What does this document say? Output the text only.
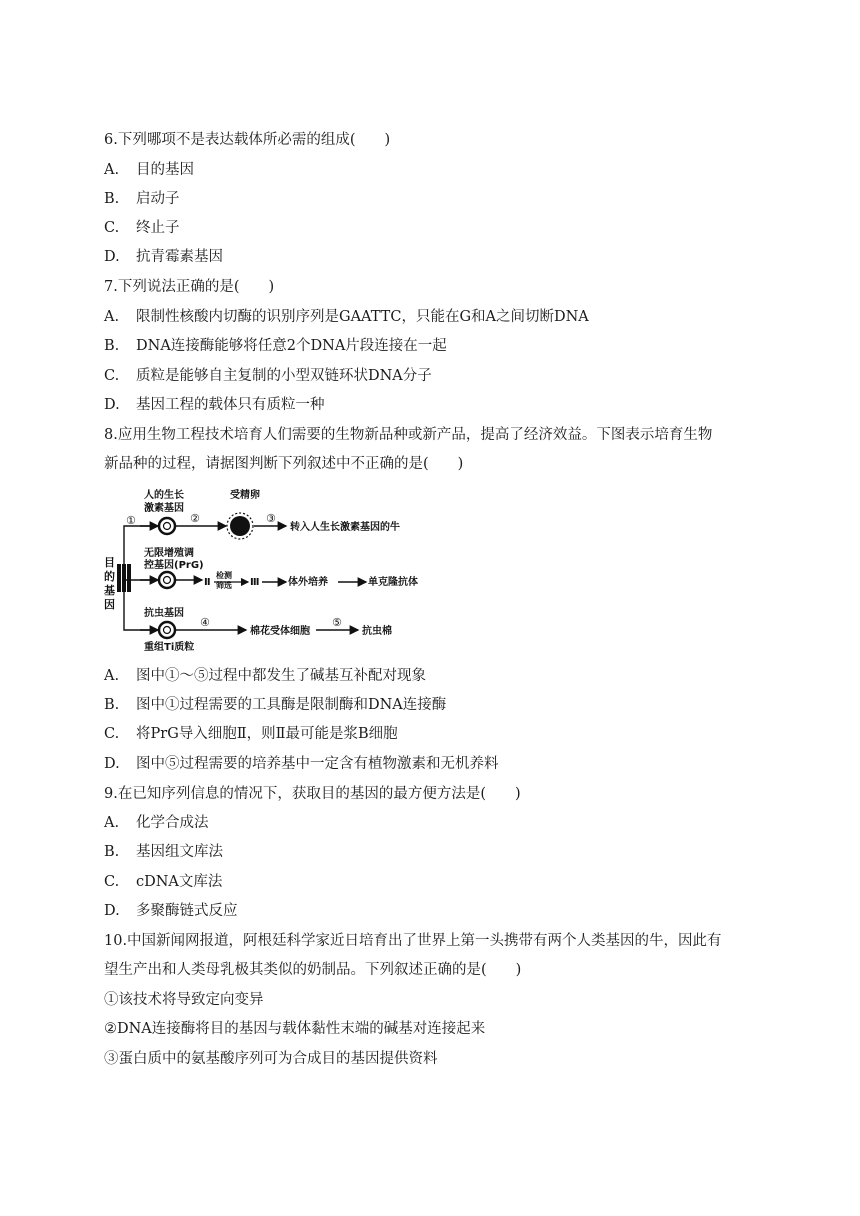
6.下列哪项不是表达载体所必需的组成(　　)
A. 目的基因
B. 启动子
C. 终止子
D. 抗青霉素基因
7.下列说法正确的是(　　)
A. 限制性核酸内切酶的识别序列是GAATTC，只能在G和A之间切断DNA
B. DNA连接酶能够将任意2个DNA片段连接在一起
C. 质粒是能够自主复制的小型双链环状DNA分子
D. 基因工程的载体只有质粒一种
8.应用生物工程技术培育人们需要的生物新品种或新产品，提高了经济效益。下图表示培育生物
新品种的过程，请据图判断下列叙述中不正确的是(　　)
目
的
基
因
人的生长
激素基因
受精卵
转入人生长激素基因的牛
①	②	③
无限增殖调
控基因(PrG)
Ⅱ
检测
筛选 Ⅲ	体外培养	单克隆抗体
抗虫基因
重组Ti质粒
棉花受体细胞	抗虫棉
④	⑤
A. 图中①～⑤过程中都发生了碱基互补配对现象
B. 图中①过程需要的工具酶是限制酶和DNA连接酶
C. 将PrG导入细胞Ⅱ，则Ⅱ最可能是浆B细胞
D. 图中⑤过程需要的培养基中一定含有植物激素和无机养料
9.在已知序列信息的情况下，获取目的基因的最方便方法是(　　)
A. 化学合成法
B. 基因组文库法
C. cDNA文库法
D. 多聚酶链式反应
10.中国新闻网报道，阿根廷科学家近日培育出了世界上第一头携带有两个人类基因的牛，因此有
望生产出和人类母乳极其类似的奶制品。下列叙述正确的是(　　)
①该技术将导致定向变异
②DNA连接酶将目的基因与载体黏性末端的碱基对连接起来
③蛋白质中的氨基酸序列可为合成目的基因提供资料
